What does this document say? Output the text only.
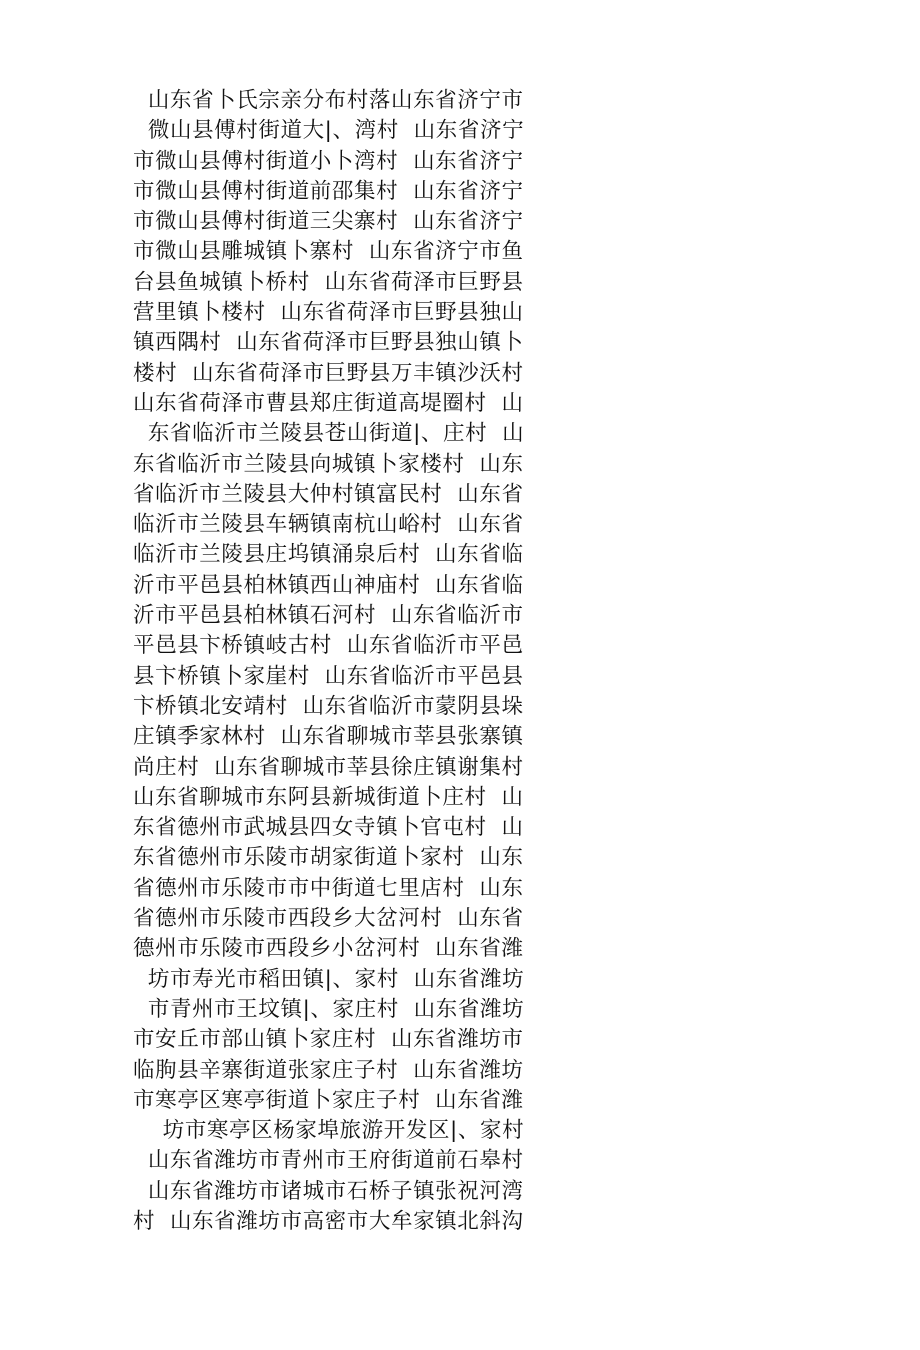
山东省卜氏宗亲分布村落山东省济宁市
微山县傅村街道大|、湾村  山东省济宁
市微山县傅村街道小卜湾村  山东省济宁
市微山县傅村街道前邵集村  山东省济宁
市微山县傅村街道三尖寨村  山东省济宁
市微山县雕城镇卜寨村  山东省济宁市鱼
台县鱼城镇卜桥村  山东省荷泽市巨野县
营里镇卜楼村  山东省荷泽市巨野县独山
镇西隅村  山东省荷泽市巨野县独山镇卜
楼村  山东省荷泽市巨野县万丰镇沙沃村
山东省荷泽市曹县郑庄街道高堤圈村  山
东省临沂市兰陵县苍山街道|、庄村  山
东省临沂市兰陵县向城镇卜家楼村  山东
省临沂市兰陵县大仲村镇富民村  山东省
临沂市兰陵县车辆镇南杭山峪村  山东省
临沂市兰陵县庄坞镇涌泉后村  山东省临
沂市平邑县柏林镇西山神庙村  山东省临
沂市平邑县柏林镇石河村  山东省临沂市
平邑县卞桥镇岐古村  山东省临沂市平邑
县卞桥镇卜家崖村  山东省临沂市平邑县
卞桥镇北安靖村  山东省临沂市蒙阴县垛
庄镇季家林村  山东省聊城市莘县张寨镇
尚庄村  山东省聊城市莘县徐庄镇谢集村
山东省聊城市东阿县新城街道卜庄村  山
东省德州市武城县四女寺镇卜官屯村  山
东省德州市乐陵市胡家街道卜家村  山东
省德州市乐陵市市中街道七里店村  山东
省德州市乐陵市西段乡大岔河村  山东省
德州市乐陵市西段乡小岔河村  山东省潍
坊市寿光市稻田镇|、家村  山东省潍坊
市青州市王坟镇|、家庄村  山东省潍坊
市安丘市部山镇卜家庄村  山东省潍坊市
临朐县辛寨街道张家庄子村  山东省潍坊
市寒亭区寒亭街道卜家庄子村  山东省潍
坊市寒亭区杨家埠旅游开发区|、家村
山东省潍坊市青州市王府街道前石皋村
山东省潍坊市诸城市石桥子镇张祝河湾
村  山东省潍坊市高密市大牟家镇北斜沟
